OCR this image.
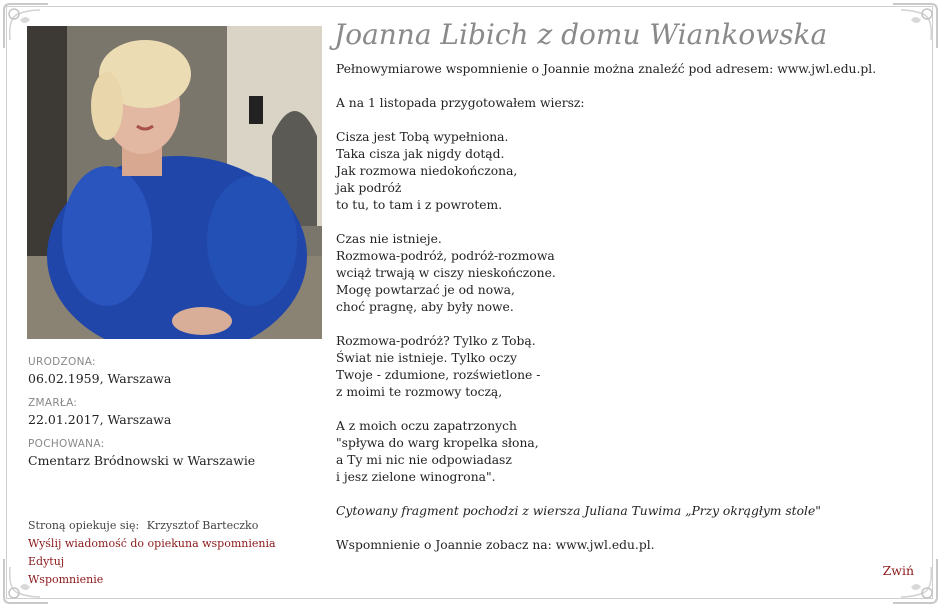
URODZONA:
06.02.1959, Warszawa
ZMARŁA:
22.01.2017, Warszawa
POCHOWANA:
Cmentarz Bródnowski w Warszawie
Stroną opiekuje się: Krzysztof Barteczko
Wyślij wiadomość do opiekuna wspomnienia Edytuj
Wspomnienie
Joanna Libich z domu Wiankowska

Pełnowymiarowe wspomnienie o Joannie można znaleźć pod adresem: www.jwl.edu.pl.

A na 1 listopada przygotowałem wiersz:

Cisza jest Tobą wypełniona.
Taka cisza jak nigdy dotąd.
Jak rozmowa niedokończona,
jak podróż
to tu, to tam i z powrotem.
Czas nie istnieje.
Rozmowa-podróż, podróż-rozmowa
wciąż trwają w ciszy nieskończone.
Mogę powtarzać je od nowa,
choć pragnę, aby były nowe.
Rozmowa-podróż? Tylko z Tobą.
Świat nie istnieje. Tylko oczy
Twoje - zdumione, rozświetlone -
z moimi te rozmowy toczą,
A z moich oczu zapatrzonych
"spływa do warg kropelka słona,
a Ty mi nic nie odpowiadasz
i jesz zielone winogrona".

Cytowany fragment pochodzi z wiersza Juliana Tuwima „Przy okrągłym stole"

Wspomnienie o Joannie zobacz na: www.jwl.edu.pl.

Zwiń
